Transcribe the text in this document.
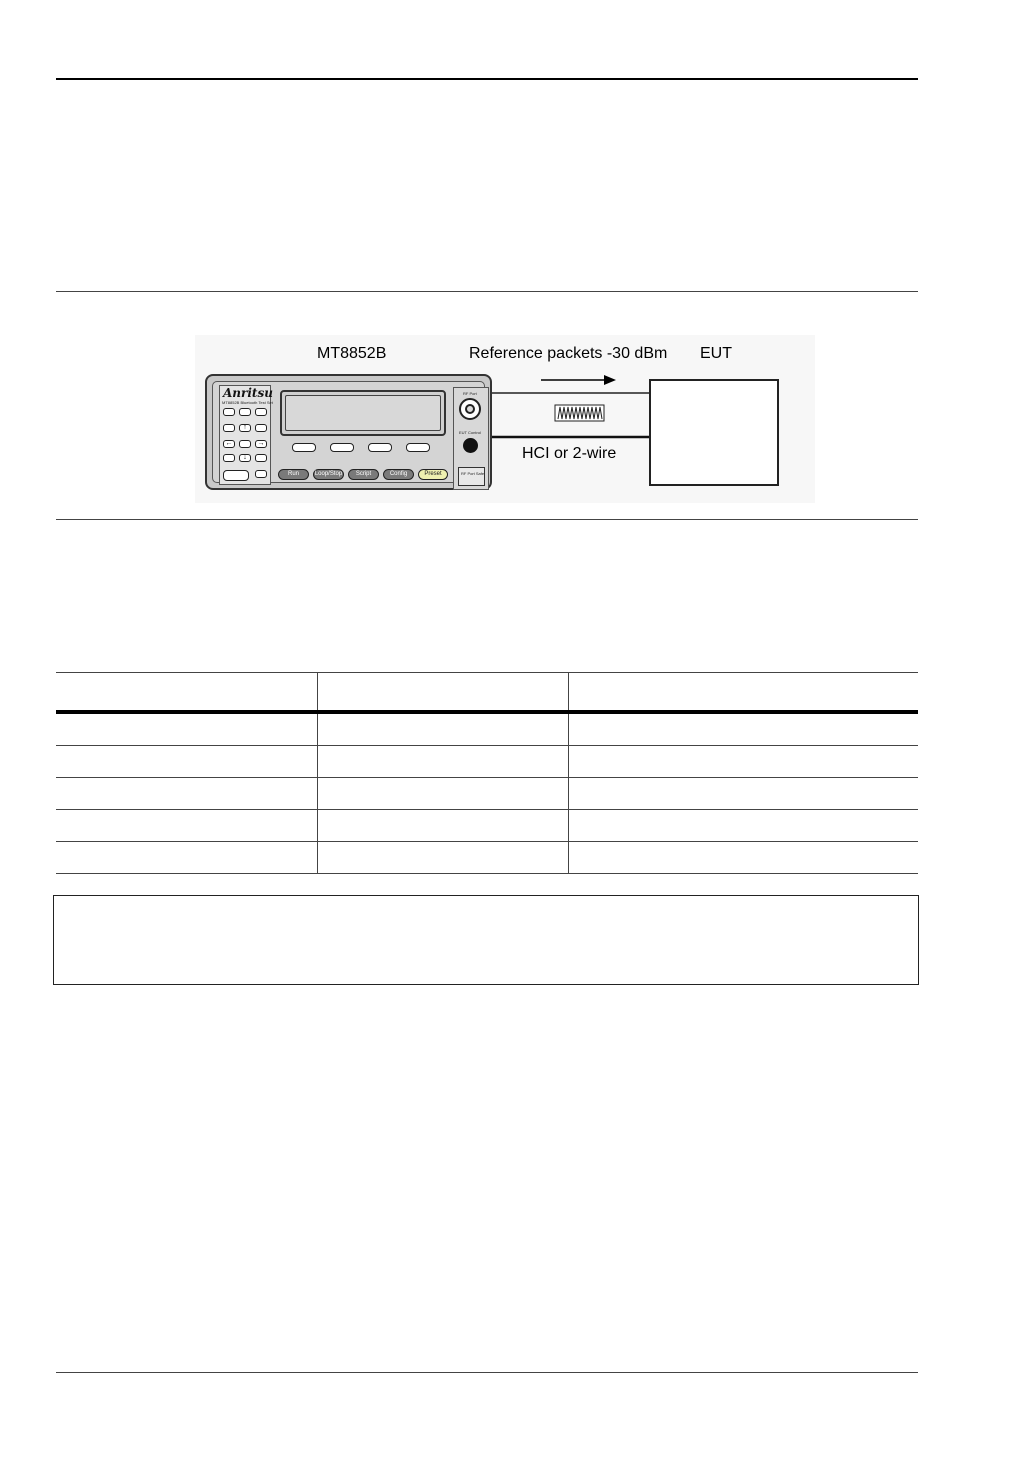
MT8852B	Reference packets -30 dBm EUT
HCI or 2-wire
Anritsu
MT8852B Bluetooth Test Set
↑
←	→
↓
Run	Loop/Stop	Script	Config	Preset
RF Port
EUT Control
RF Port Safe
